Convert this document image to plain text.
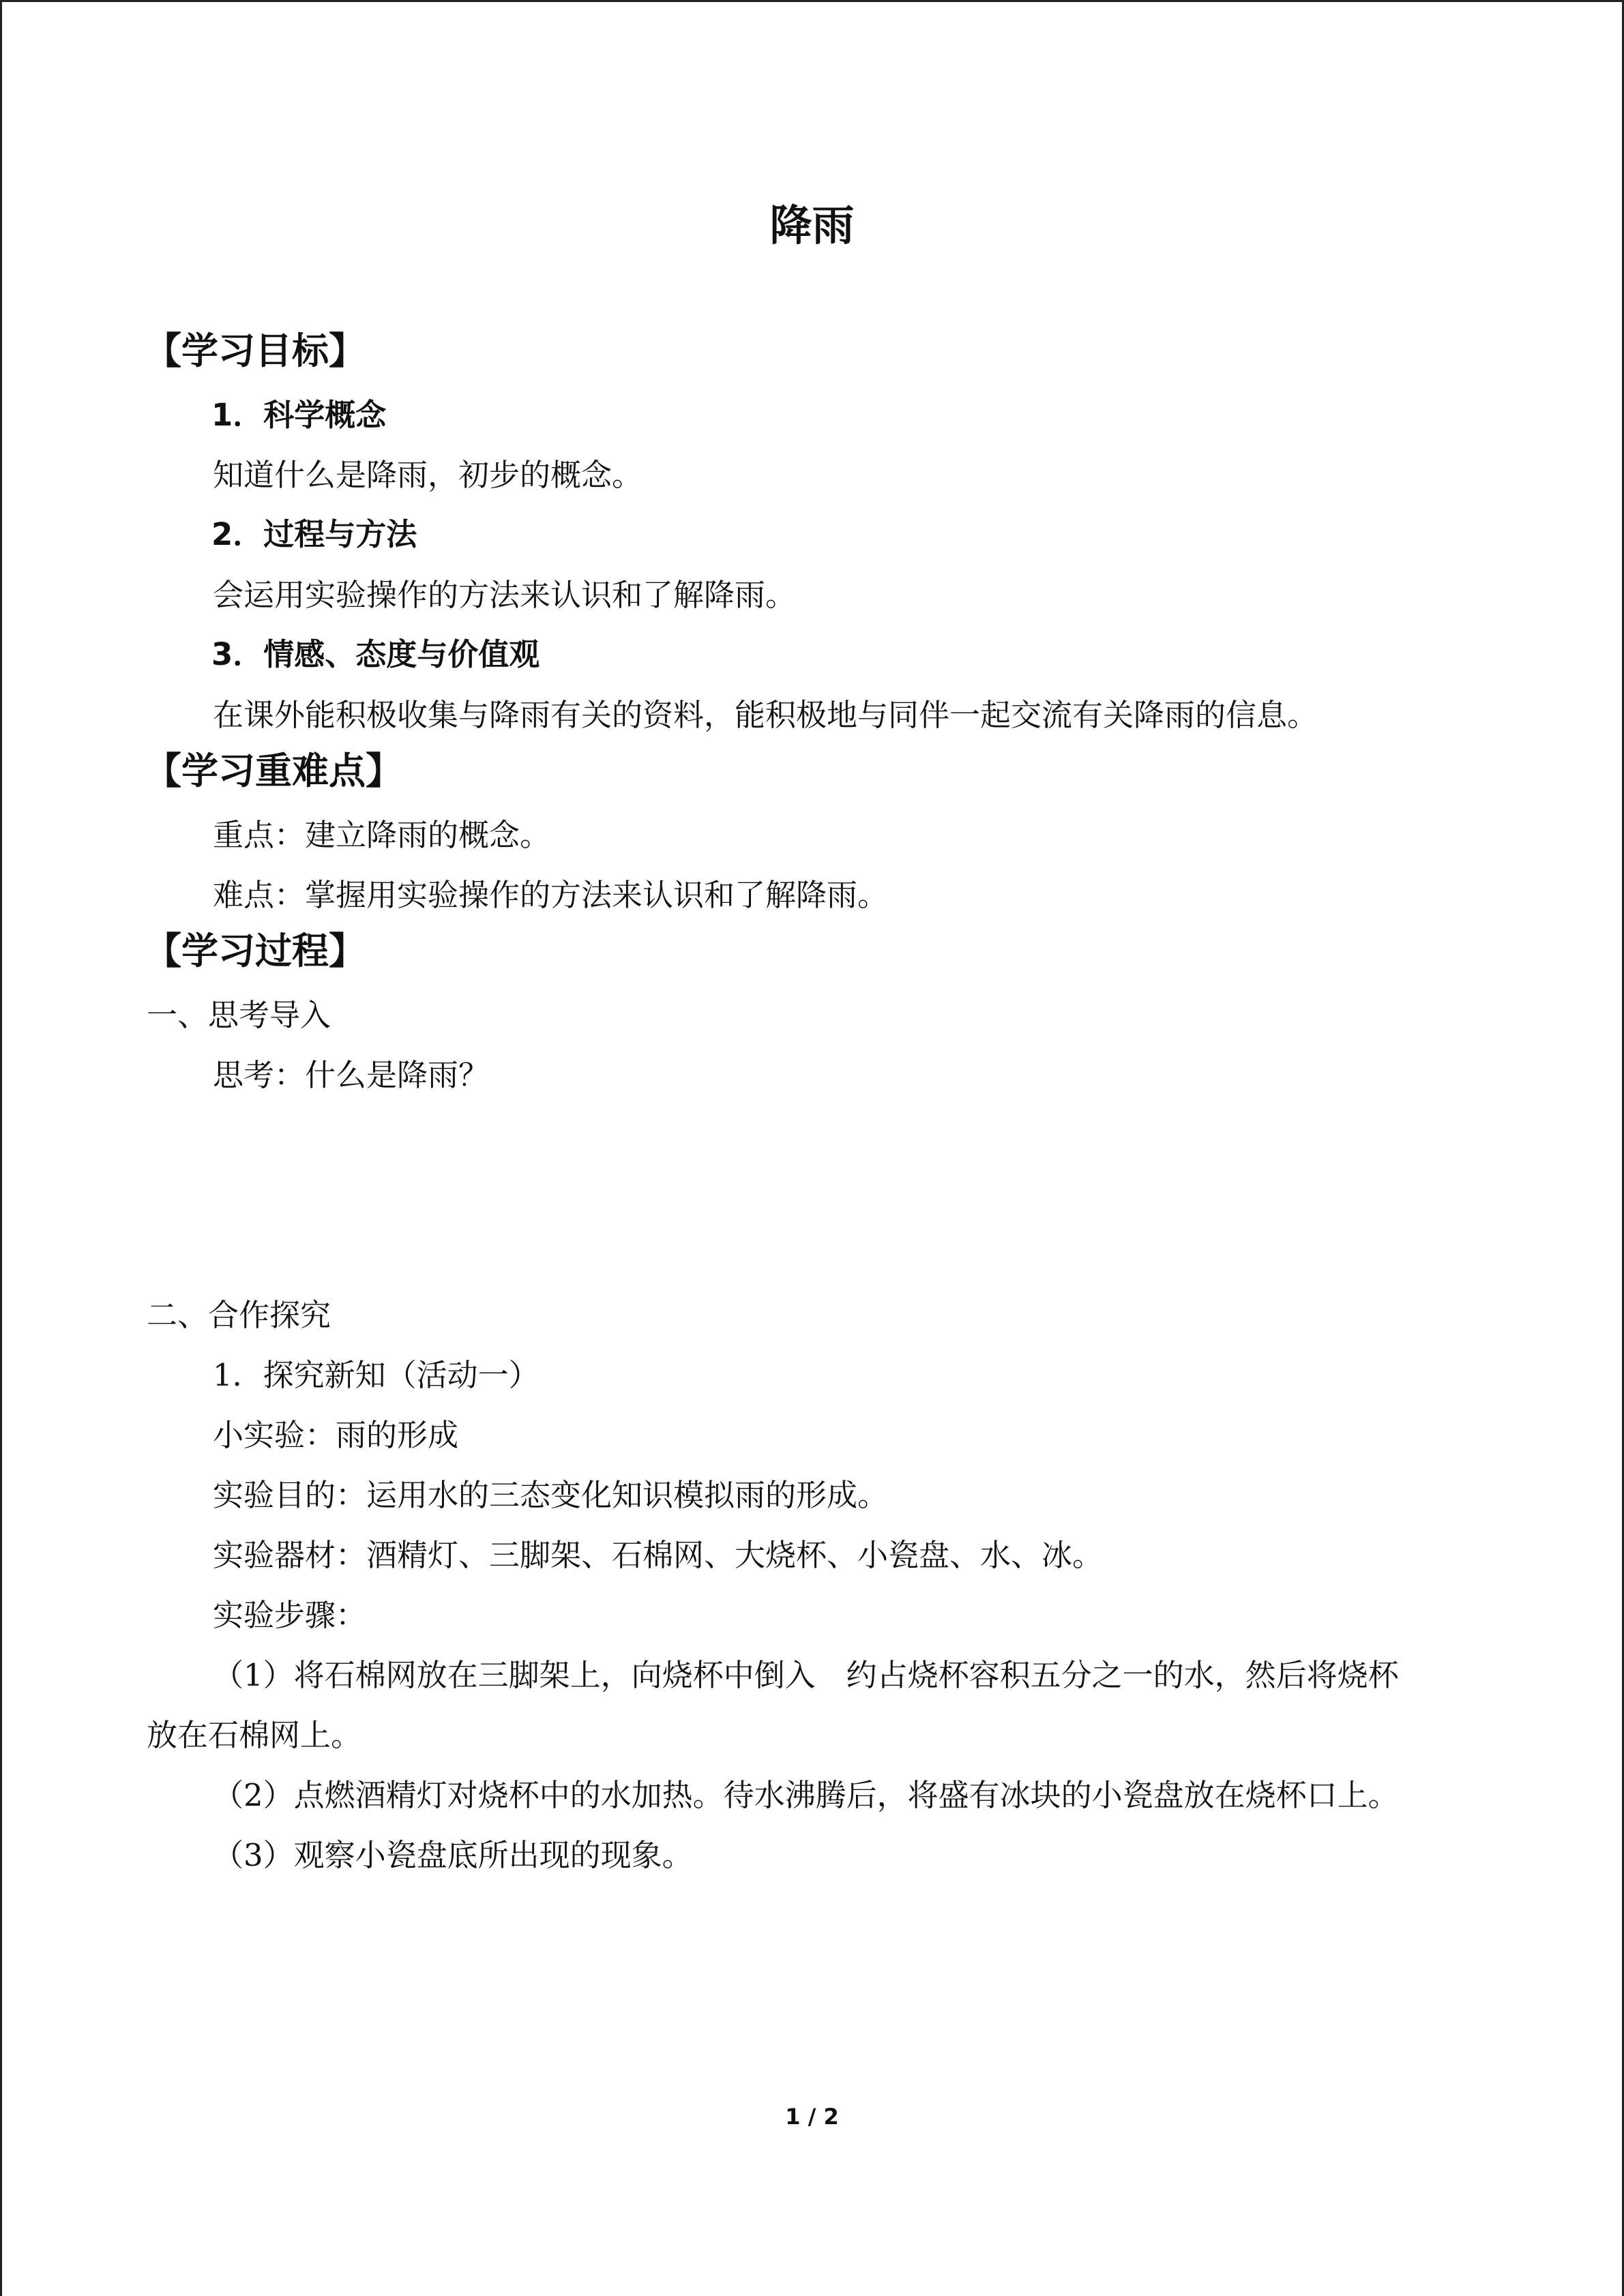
降雨
【学习目标】
1．科学概念
知道什么是降雨，初步的概念。
2．过程与方法
会运用实验操作的方法来认识和了解降雨。
3．情感、态度与价值观
在课外能积极收集与降雨有关的资料，能积极地与同伴一起交流有关降雨的信息。
【学习重难点】
重点：建立降雨的概念。
难点：掌握用实验操作的方法来认识和了解降雨。
【学习过程】
一、思考导入
思考：什么是降雨？
二、合作探究
1．探究新知（活动一）
小实验：雨的形成
实验目的：运用水的三态变化知识模拟雨的形成。
实验器材：酒精灯、三脚架、石棉网、大烧杯、小瓷盘、水、冰。
实验步骤：
（1）将石棉网放在三脚架上，向烧杯中倒入　约占烧杯容积五分之一的水，然后将烧杯
放在石棉网上。
（2）点燃酒精灯对烧杯中的水加热。待水沸腾后，将盛有冰块的小瓷盘放在烧杯口上。
（3）观察小瓷盘底所出现的现象。
1 / 2
